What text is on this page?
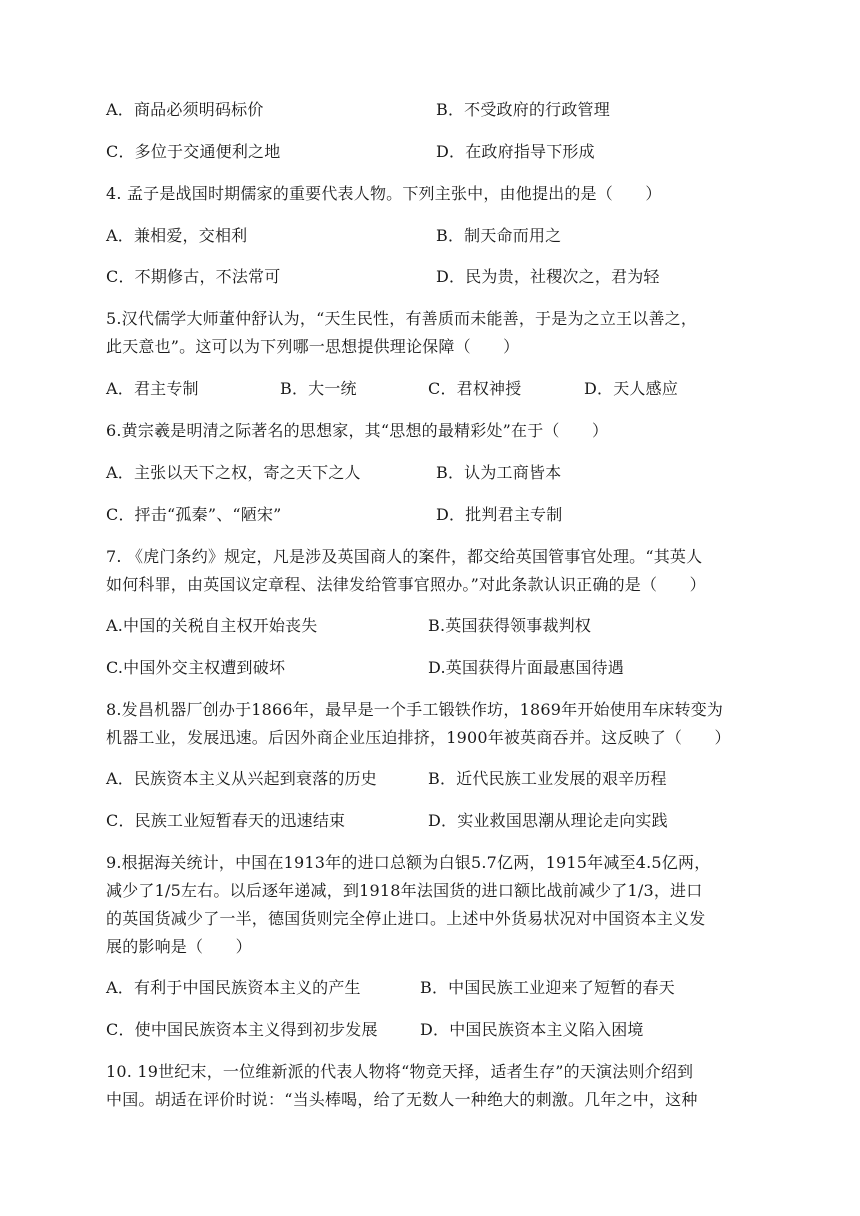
A．商品必须明码标价	B．不受政府的行政管理
C．多位于交通便利之地	D．在政府指导下形成
4. 孟子是战国时期儒家的重要代表人物。下列主张中，由他提出的是（　　）
A．兼相爱，交相利	B．制天命而用之
C．不期修古，不法常可	D．民为贵，社稷次之，君为轻
5.汉代儒学大师董仲舒认为，“天生民性，有善质而未能善，于是为之立王以善之，
此天意也”。这可以为下列哪一思想提供理论保障（　　）
A．君主专制	B．大一统	C．君权神授	D．天人感应
6.黄宗羲是明清之际著名的思想家，其“思想的最精彩处”在于（　　）
A．主张以天下之权，寄之天下之人	B．认为工商皆本
C．抨击“孤秦”、“陋宋”	D．批判君主专制
7. 《虎门条约》规定，凡是涉及英国商人的案件，都交给英国管事官处理。“其英人
如何科罪，由英国议定章程、法律发给管事官照办。”对此条款认识正确的是（　　）
A.中国的关税自主权开始丧失	B.英国获得领事裁判权
C.中国外交主权遭到破坏	D.英国获得片面最惠国待遇
8.发昌机器厂创办于1866年，最早是一个手工锻铁作坊，1869年开始使用车床转变为
机器工业，发展迅速。后因外商企业压迫排挤，1900年被英商吞并。这反映了（　　）
A．民族资本主义从兴起到衰落的历史	B．近代民族工业发展的艰辛历程
C．民族工业短暂春天的迅速结束	D．实业救国思潮从理论走向实践
9.根据海关统计，中国在1913年的进口总额为白银5.7亿两，1915年减至4.5亿两，
减少了1/5左右。以后逐年递减，到1918年法国货的进口额比战前减少了1/3，进口
的英国货减少了一半，德国货则完全停止进口。上述中外货易状况对中国资本主义发
展的影响是（　　）
A．有利于中国民族资本主义的产生	B．中国民族工业迎来了短暂的春天
C．使中国民族资本主义得到初步发展	D．中国民族资本主义陷入困境
10. 19世纪末，一位维新派的代表人物将“物竞天择，适者生存”的天演法则介绍到
中国。胡适在评价时说：“当头棒喝，给了无数人一种绝大的刺激。几年之中，这种
